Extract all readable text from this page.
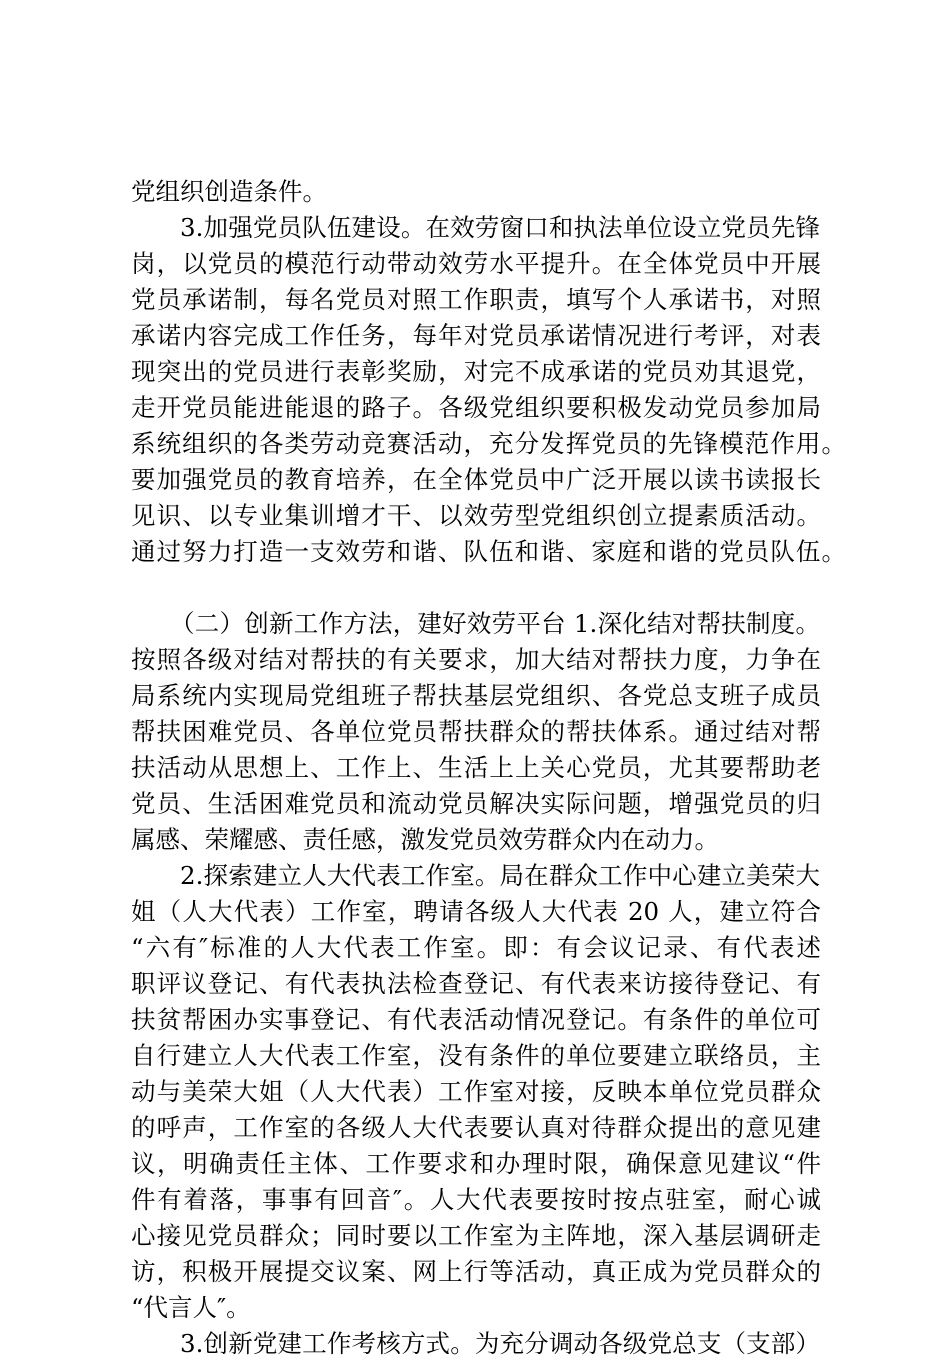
党组织创造条件。

3.加强党员队伍建设。在效劳窗口和执法单位设立党员先锋

岗，以党员的模范行动带动效劳水平提升。在全体党员中开展

党员承诺制，每名党员对照工作职责，填写个人承诺书，对照

承诺内容完成工作任务，每年对党员承诺情况进行考评，对表

现突出的党员进行表彰奖励，对完不成承诺的党员劝其退党，

走开党员能进能退的路子。各级党组织要积极发动党员参加局

系统组织的各类劳动竞赛活动，充分发挥党员的先锋模范作用。

要加强党员的教育培养，在全体党员中广泛开展以读书读报长

见识、以专业集训增才干、以效劳型党组织创立提素质活动。

通过努力打造一支效劳和谐、队伍和谐、家庭和谐的党员队伍。

（二）创新工作方法，建好效劳平台 1.深化结对帮扶制度。

按照各级对结对帮扶的有关要求，加大结对帮扶力度，力争在

局系统内实现局党组班子帮扶基层党组织、各党总支班子成员

帮扶困难党员、各单位党员帮扶群众的帮扶体系。通过结对帮

扶活动从思想上、工作上、生活上上关心党员，尤其要帮助老

党员、生活困难党员和流动党员解决实际问题，增强党员的归

属感、荣耀感、责任感，激发党员效劳群众内在动力。

2.探索建立人大代表工作室。局在群众工作中心建立美荣大

姐（人大代表）工作室，聘请各级人大代表 20 人，建立符合

“六有″标准的人大代表工作室。即：有会议记录、有代表述

职评议登记、有代表执法检查登记、有代表来访接待登记、有

扶贫帮困办实事登记、有代表活动情况登记。有条件的单位可

自行建立人大代表工作室，没有条件的单位要建立联络员，主

动与美荣大姐（人大代表）工作室对接，反映本单位党员群众

的呼声，工作室的各级人大代表要认真对待群众提出的意见建

议，明确责任主体、工作要求和办理时限，确保意见建议“件

件有着落，事事有回音″。人大代表要按时按点驻室，耐心诚

心接见党员群众；同时要以工作室为主阵地，深入基层调研走

访，积极开展提交议案、网上行等活动，真正成为党员群众的

“代言人″。

3.创新党建工作考核方式。为充分调动各级党总支（支部）
